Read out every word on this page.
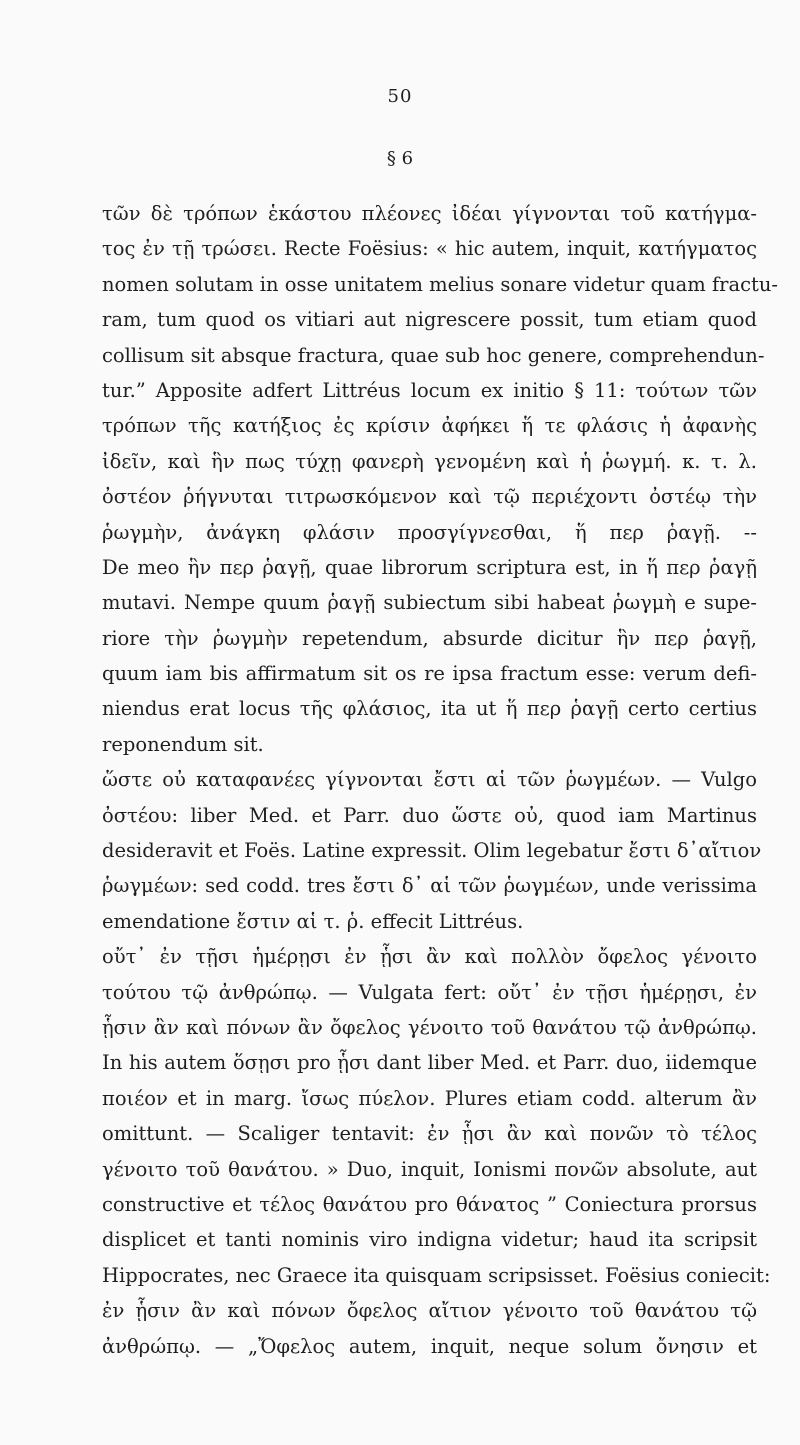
50
§ 6
τῶν δὲ τρόπων ἑκάστου πλέονες ἰδέαι γίγνονται τοῦ κατήγμα-
τος ἐν τῇ τρώσει. Recte Foësius: « hic autem, inquit, κατήγματος
nomen solutam in osse unitatem melius sonare videtur quam fractu-
ram, tum quod os vitiari aut nigrescere possit, tum etiam quod
collisum sit absque fractura, quae sub hoc genere, comprehendun-
tur.” Apposite adfert Littréus locum ex initio § 11: τούτων τῶν
τρόπων τῆς κατήξιος ἐς κρίσιν ἀφήκει ἥ τε φλάσις ἡ ἀφανὴς
ἰδεῖν, καὶ ἣν πως τύχῃ φανερὴ γενομένη καὶ ἡ ῥωγμή. κ. τ. λ.
ὀστέον ῥήγνυται τιτρωσκόμενον καὶ τῷ περιέχοντι ὀστέῳ τὴν
ῥωγμὴν, ἀνάγκη φλάσιν προσγίγνεσθαι, ἥ περ ῥαγῇ. --
De meo ἣν περ ῥαγῇ, quae librorum scriptura est, in ἥ περ ῥαγῇ
mutavi. Nempe quum ῥαγῇ subiectum sibi habeat ῥωγμὴ e supe-
riore τὴν ῥωγμὴν repetendum, absurde dicitur ἣν περ ῥαγῇ,
quum iam bis affirmatum sit os re ipsa fractum esse: verum defi-
niendus erat locus τῆς φλάσιος, ita ut ἥ περ ῥαγῇ certo certius
reponendum sit.
ὥστε οὐ καταφανέες γίγνονται ἔστι αἱ τῶν ῥωγμέων. — Vulgo
ὀστέου: liber Med. et Parr. duo ὥστε οὐ, quod iam Martinus
desideravit et Foës. Latine expressit. Olim legebatur ἔστι δ᾽αἴτιον
ῥωγμέων: sed codd. tres ἔστι δ᾽ αἱ τῶν ῥωγμέων, unde verissima
emendatione ἔστιν αἱ τ. ῥ. effecit Littréus.
οὔτ᾽ ἐν τῇσι ἡμέρῃσι ἐν ᾗσι ἂν καὶ πολλὸν ὄφελος γένοιτο
τούτου τῷ ἀνθρώπῳ. — Vulgata fert: οὔτ᾽ ἐν τῇσι ἡμέρῃσι, ἐν
ᾗσιν ἂν καὶ πόνων ἂν ὄφελος γένοιτο τοῦ θανάτου τῷ ἀνθρώπῳ.
In his autem ὅσῃσι pro ᾗσι dant liber Med. et Parr. duo, iidemque
ποιέον et in marg. ἴσως πύελον. Plures etiam codd. alterum ἂν
omittunt. — Scaliger tentavit: ἐν ᾗσι ἂν καὶ πονῶν τὸ τέλος
γένοιτο τοῦ θανάτου. » Duo, inquit, Ionismi πονῶν absolute, aut
constructive et τέλος θανάτου pro θάνατος ” Coniectura prorsus
displicet et tanti nominis viro indigna videtur; haud ita scripsit
Hippocrates, nec Graece ita quisquam scripsisset. Foësius coniecit:
ἐν ᾗσιν ἂν καὶ πόνων ὄφελος αἴτιον γένοιτο τοῦ θανάτου τῷ
ἀνθρώπῳ. — „Ὄφελος autem, inquit, neque solum ὄνησιν et
